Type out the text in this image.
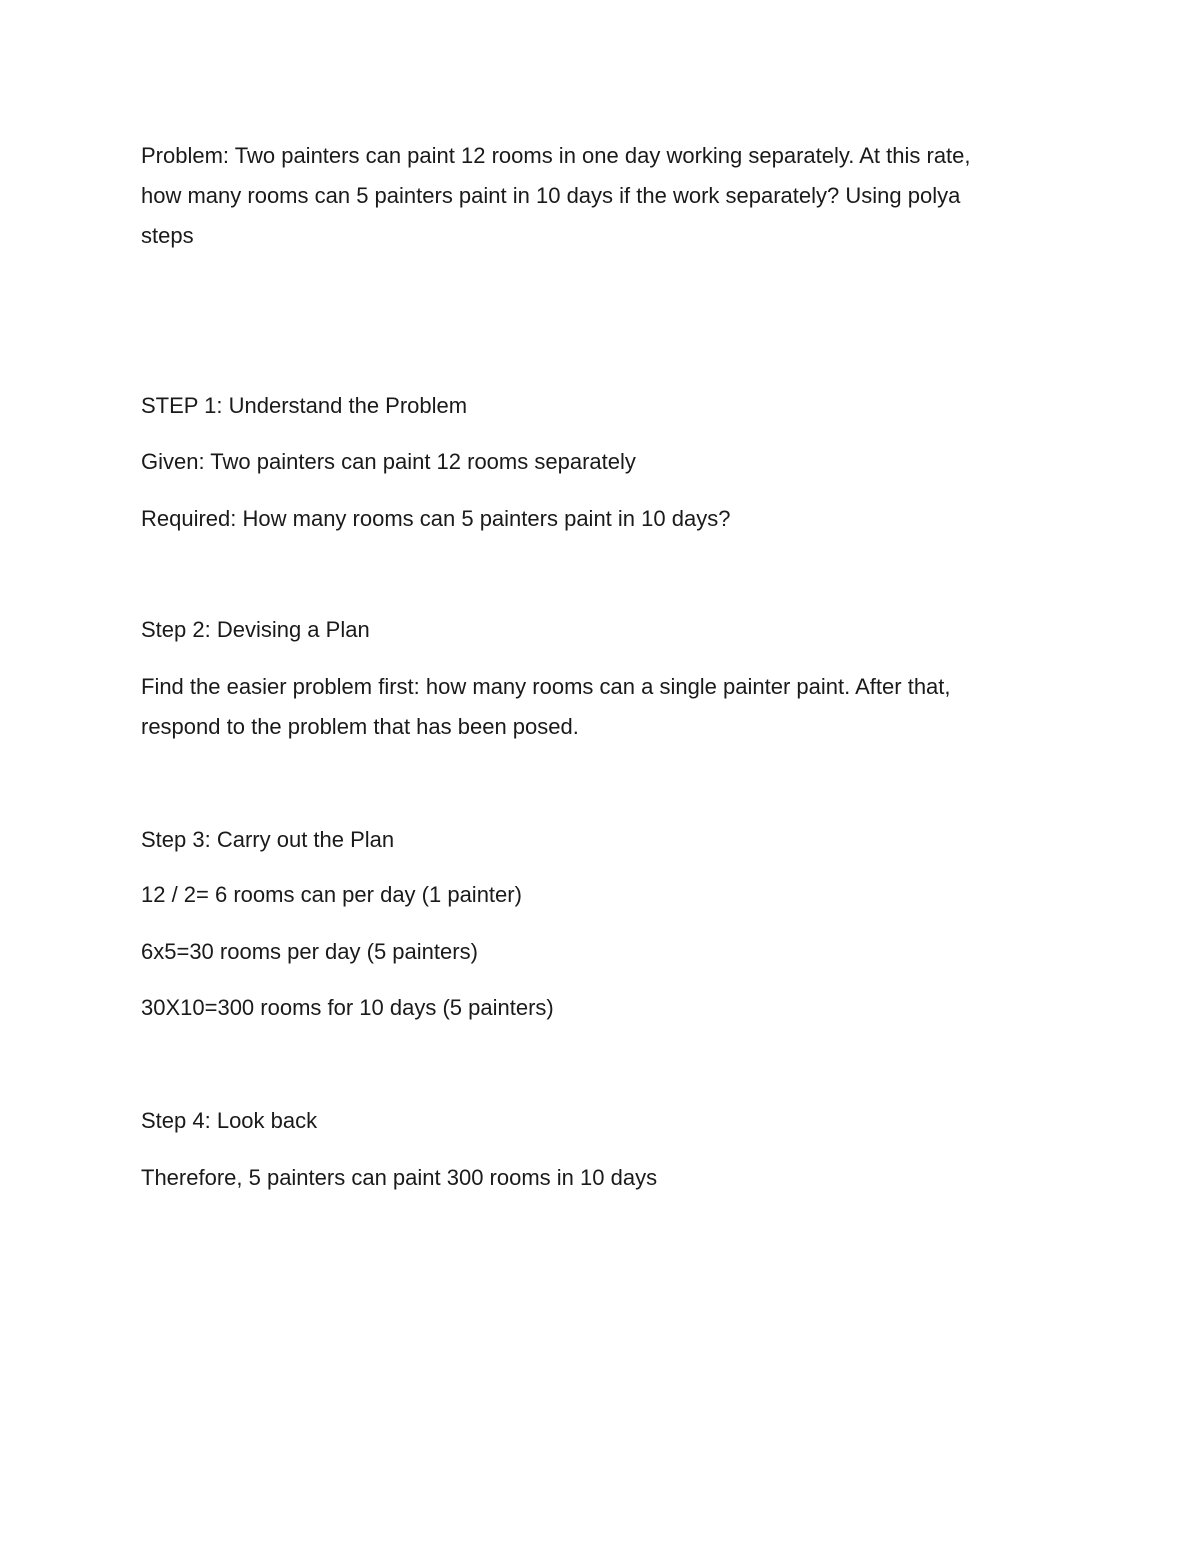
Problem: Two painters can paint 12 rooms in one day working separately. At this rate,
how many rooms can 5 painters paint in 10 days if the work separately? Using polya
steps
STEP 1: Understand the Problem
Given: Two painters can paint 12 rooms separately
Required: How many rooms can 5 painters paint in 10 days?
Step 2: Devising a Plan
Find the easier problem first: how many rooms can a single painter paint. After that,
respond to the problem that has been posed.
Step 3: Carry out the Plan
12 / 2= 6 rooms can per day (1 painter)
6x5=30 rooms per day (5 painters)
30X10=300 rooms for 10 days (5 painters)
Step 4: Look back
Therefore, 5 painters can paint 300 rooms in 10 days
